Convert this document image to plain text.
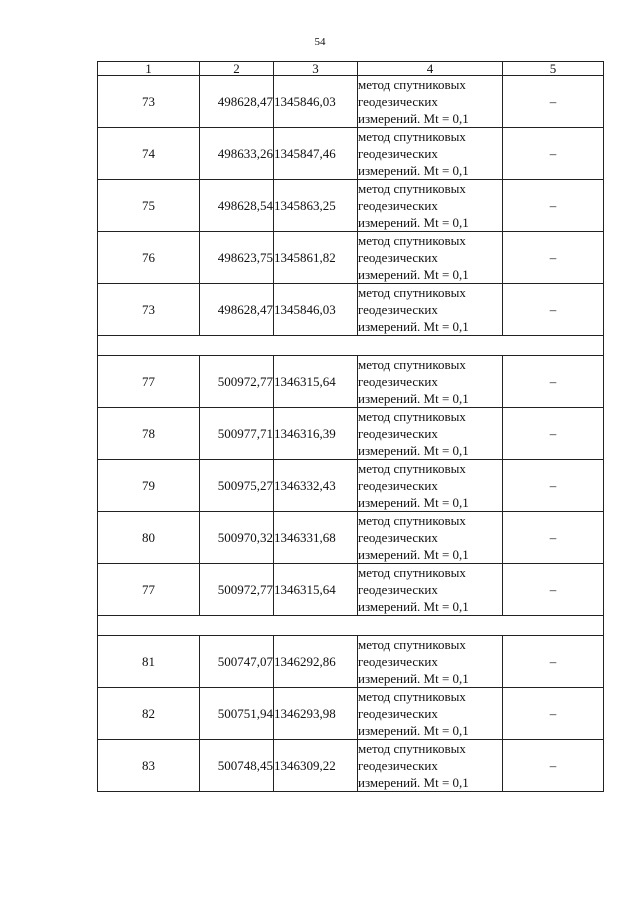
54
1	2	3	4	5
73	498628,47	1345846,03	метод спутниковых
геодезических
измерений. Mt = 0,1	–
74	498633,26	1345847,46	метод спутниковых
геодезических
измерений. Mt = 0,1	–
75	498628,54	1345863,25	метод спутниковых
геодезических
измерений. Mt = 0,1	–
76	498623,75	1345861,82	метод спутниковых
геодезических
измерений. Mt = 0,1	–
73	498628,47	1345846,03	метод спутниковых
геодезических
измерений. Mt = 0,1	–

77	500972,77	1346315,64	метод спутниковых
геодезических
измерений. Mt = 0,1	–
78	500977,71	1346316,39	метод спутниковых
геодезических
измерений. Mt = 0,1	–
79	500975,27	1346332,43	метод спутниковых
геодезических
измерений. Mt = 0,1	–
80	500970,32	1346331,68	метод спутниковых
геодезических
измерений. Mt = 0,1	–
77	500972,77	1346315,64	метод спутниковых
геодезических
измерений. Mt = 0,1	–

81	500747,07	1346292,86	метод спутниковых
геодезических
измерений. Mt = 0,1	–
82	500751,94	1346293,98	метод спутниковых
геодезических
измерений. Mt = 0,1	–
83	500748,45	1346309,22	метод спутниковых
геодезических
измерений. Mt = 0,1	–
